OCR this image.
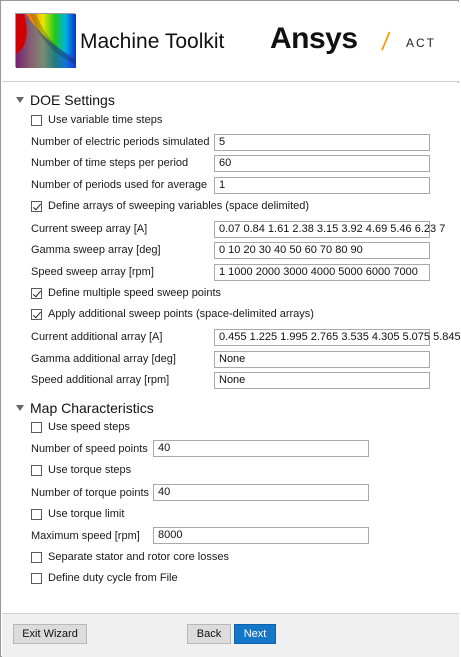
Machine Toolkit Ansys / ACT
DOE Settings
Use variable time steps
Number of electric periods simulated 5
Number of time steps per period	60
Number of periods used for average	1
Define arrays of sweeping variables (space delimited)
Current sweep array [A]	0.07 0.84 1.61 2.38 3.15 3.92 4.69 5.46 6.23 7
Gamma sweep array [deg]	0 10 20 30 40 50 60 70 80 90
Speed sweep array [rpm]	1 1000 2000 3000 4000 5000 6000 7000
Define multiple speed sweep points
Apply additional sweep points (space-delimited arrays)
Current additional array [A]	0.455 1.225 1.995 2.765 3.535 4.305 5.075 5.845
Gamma additional array [deg]	None
Speed additional array [rpm]	None
Map Characteristics
Use speed steps
Number of speed points 40
Use torque steps
Number of torque points 40
Use torque limit
Maximum speed [rpm]	8000
Separate stator and rotor core losses
Define duty cycle from File
Exit Wizard	Back	Next
